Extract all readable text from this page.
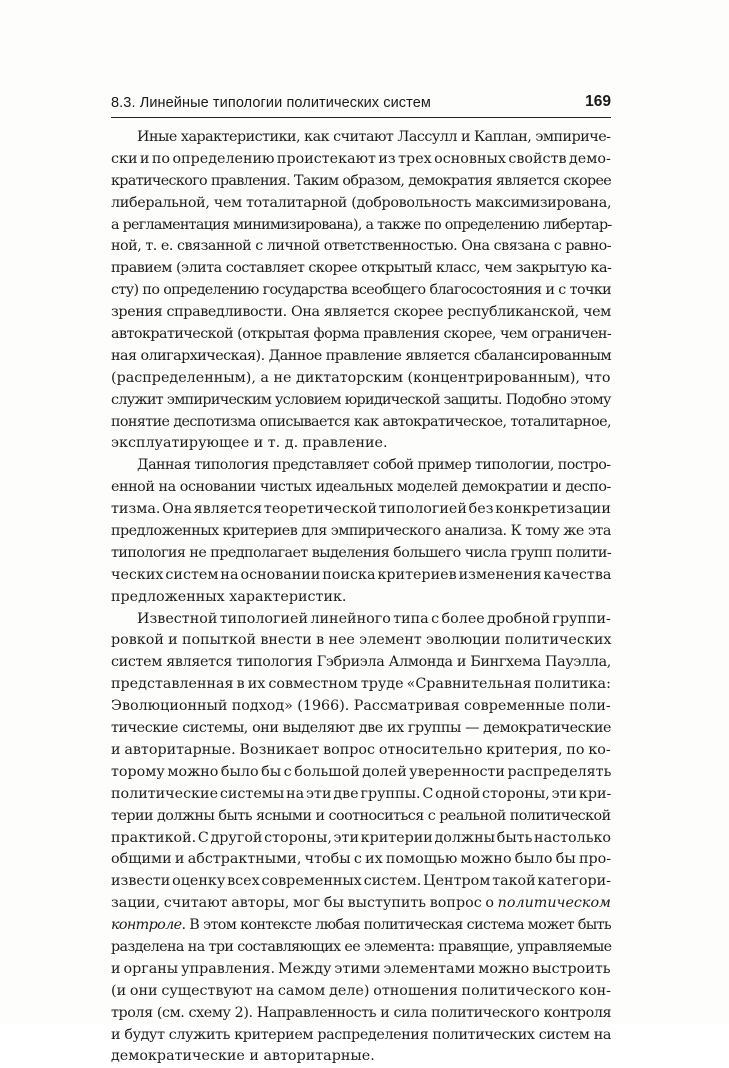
8.3. Линейные типологии политических систем	169
Иные характеристики, как считают Лассулл и Каплан, эмпириче-
ски и по определению проистекают из трех основных свойств демо-
кратического правления. Таким образом, демократия является скорее
либеральной, чем тоталитарной (добровольность максимизирована,
а регламентация минимизирована), а также по определению либертар-
ной, т. е. связанной с личной ответственностью. Она связана с равно-
правием (элита составляет скорее открытый класс, чем закрытую ка-
сту) по определению государства всеобщего благосостояния и с точки
зрения справедливости. Она является скорее республиканской, чем
автократической (открытая форма правления скорее, чем ограничен-
ная олигархическая). Данное правление является сбалансированным
(распределенным), а не диктаторским (концентрированным), что
служит эмпирическим условием юридической защиты. Подобно этому
понятие деспотизма описывается как автократическое, тоталитарное,
эксплуатирующее и т. д. правление.
Данная типология представляет собой пример типологии, постро-
енной на основании чистых идеальных моделей демократии и деспо-
тизма. Она является теоретической типологией без конкретизации
предложенных критериев для эмпирического анализа. К тому же эта
типология не предполагает выделения большего числа групп полити-
ческих систем на основании поиска критериев изменения качества
предложенных характеристик.
Известной типологией линейного типа с более дробной группи-
ровкой и попыткой внести в нее элемент эволюции политических
систем является типология Гэбриэла Алмонда и Бингхема Пауэлла,
представленная в их совместном труде «Сравнительная политика:
Эволюционный подход» (1966). Рассматривая современные поли-
тические системы, они выделяют две их группы — демократические
и авторитарные. Возникает вопрос относительно критерия, по ко-
торому можно было бы с большой долей уверенности распределять
политические системы на эти две группы. С одной стороны, эти кри-
терии должны быть ясными и соотноситься с реальной политической
практикой. С другой стороны, эти критерии должны быть настолько
общими и абстрактными, чтобы с их помощью можно было бы про-
извести оценку всех современных систем. Центром такой категори-
зации, считают авторы, мог бы выступить вопрос о политическом
контроле. В этом контексте любая политическая система может быть
разделена на три составляющих ее элемента: правящие, управляемые
и органы управления. Между этими элементами можно выстроить
(и они существуют на самом деле) отношения политического кон-
троля (см. схему 2). Направленность и сила политического контроля
и будут служить критерием распределения политических систем на
демократические и авторитарные.
